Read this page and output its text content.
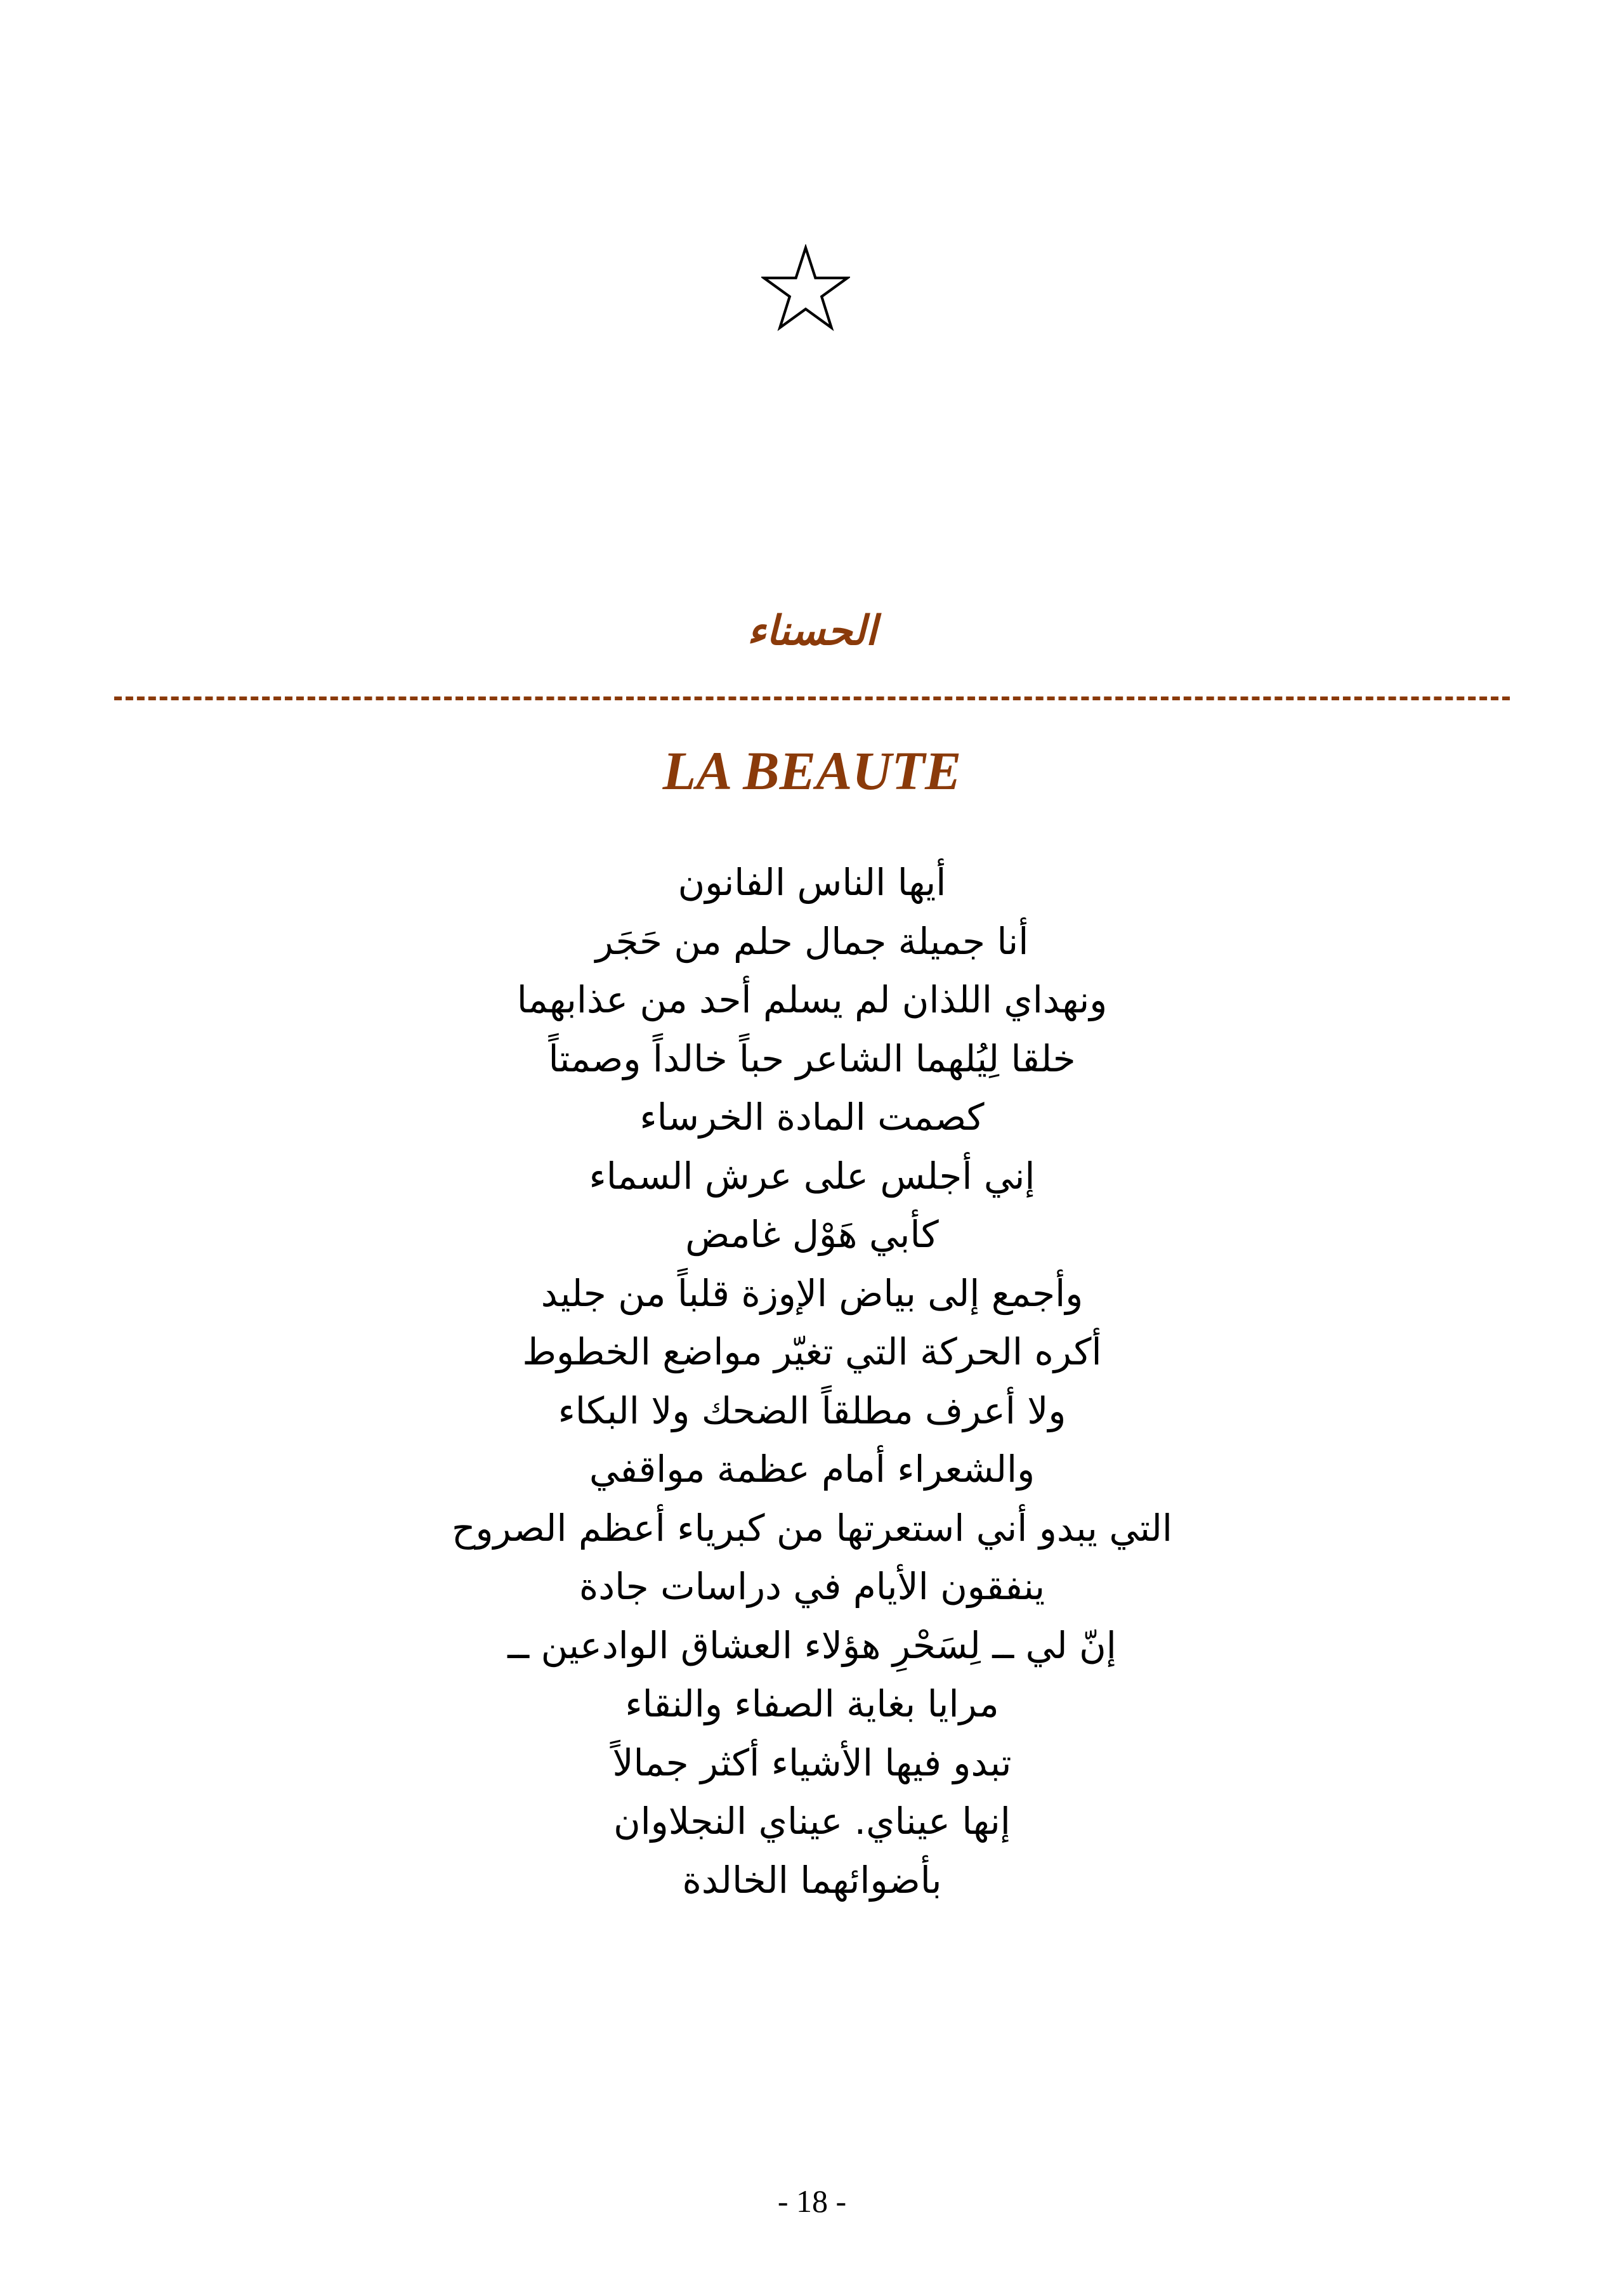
الحسناء
LA BEAUTE
أيها الناس الفانون
أنا جميلة جمال حلم من حَجَر
ونهداي اللذان لم يسلم أحد من عذابهما
خلقا لِيُلهما الشاعر حباً خالداً وصمتاً
كصمت المادة الخرساء
إني أجلس على عرش السماء
كأبي هَوْل غامض
وأجمع إلى بياض الإوزة قلباً من جليد
أكره الحركة التي تغيّر مواضع الخطوط
ولا أعرف مطلقاً الضحك ولا البكاء
والشعراء أمام عظمة مواقفي
التي يبدو أني استعرتها من كبرياء أعظم الصروح
ينفقون الأيام في دراسات جادة
إنّ لي ــ لِسَحْرِ هؤلاء العشاق الوادعين ــ
مرايا بغاية الصفاء والنقاء
تبدو فيها الأشياء أكثر جمالاً
إنها عيناي. عيناي النجلاوان
بأضوائهما الخالدة
- 18 -
